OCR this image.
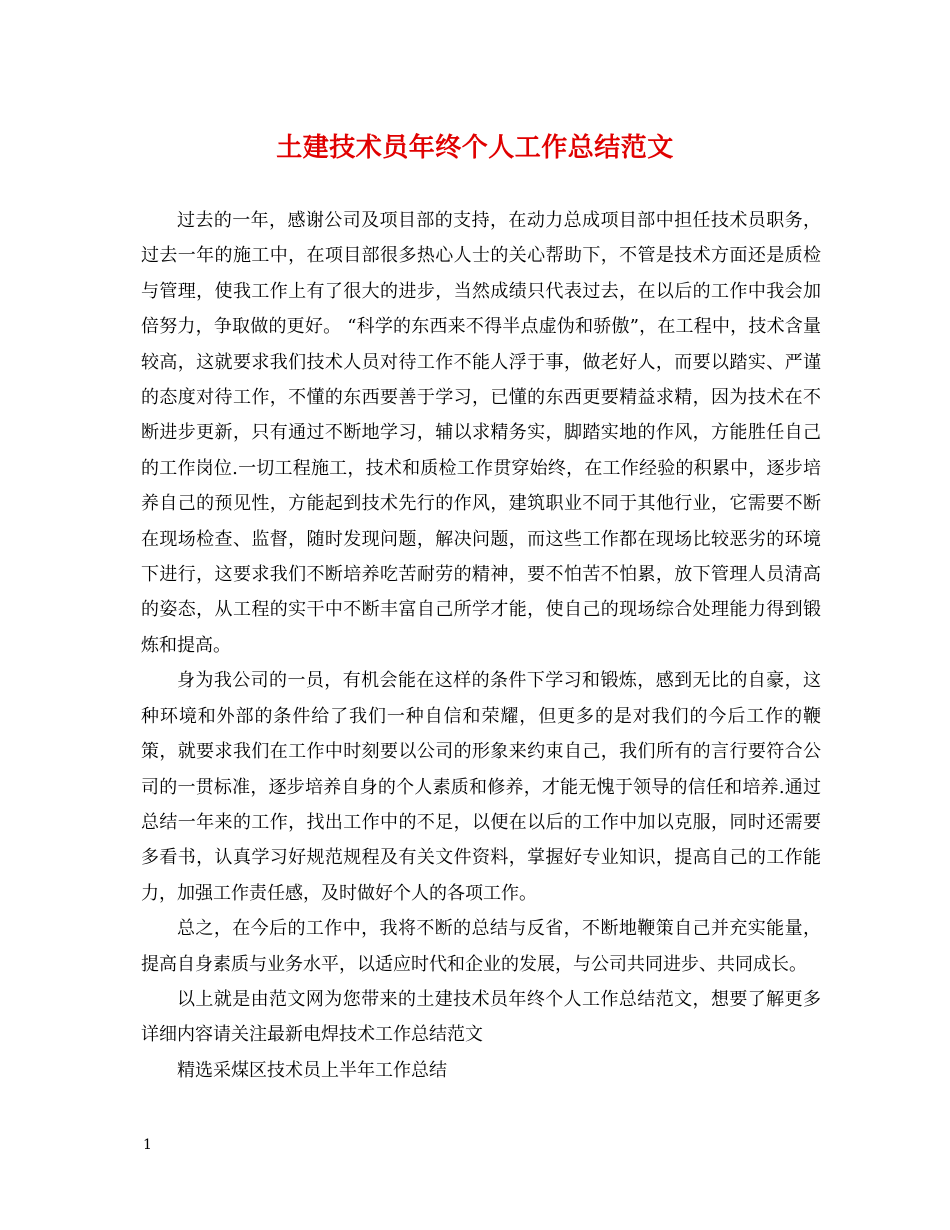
土建技术员年终个人工作总结范文

过去的一年，感谢公司及项目部的支持，在动力总成项目部中担任技术员职务，过去一年的施工中，在项目部很多热心人士的关心帮助下，不管是技术方面还是质检与管理，使我工作上有了很大的进步，当然成绩只代表过去，在以后的工作中我会加倍努力，争取做的更好。 “科学的东西来不得半点虚伪和骄傲”，在工程中，技术含量较高，这就要求我们技术人员对待工作不能人浮于事，做老好人，而要以踏实、严谨的态度对待工作，不懂的东西要善于学习，已懂的东西更要精益求精，因为技术在不断进步更新，只有通过不断地学习，辅以求精务实，脚踏实地的作风，方能胜任自己的工作岗位.一切工程施工，技术和质检工作贯穿始终，在工作经验的积累中，逐步培养自己的预见性，方能起到技术先行的作风，建筑职业不同于其他行业，它需要不断在现场检查、监督，随时发现问题，解决问题，而这些工作都在现场比较恶劣的环境下进行，这要求我们不断培养吃苦耐劳的精神，要不怕苦不怕累，放下管理人员清高的姿态，从工程的实干中不断丰富自己所学才能，使自己的现场综合处理能力得到锻炼和提高。

身为我公司的一员，有机会能在这样的条件下学习和锻炼，感到无比的自豪，这种环境和外部的条件给了我们一种自信和荣耀，但更多的是对我们的今后工作的鞭策，就要求我们在工作中时刻要以公司的形象来约束自己，我们所有的言行要符合公司的一贯标准，逐步培养自身的个人素质和修养，才能无愧于领导的信任和培养.通过总结一年来的工作，找出工作中的不足，以便在以后的工作中加以克服，同时还需要多看书，认真学习好规范规程及有关文件资料，掌握好专业知识，提高自己的工作能力，加强工作责任感，及时做好个人的各项工作。

总之，在今后的工作中，我将不断的总结与反省，不断地鞭策自己并充实能量，提高自身素质与业务水平，以适应时代和企业的发展，与公司共同进步、共同成长。

以上就是由范文网为您带来的土建技术员年终个人工作总结范文，想要了解更多详细内容请关注最新电焊技术工作总结范文

精选采煤区技术员上半年工作总结

1
